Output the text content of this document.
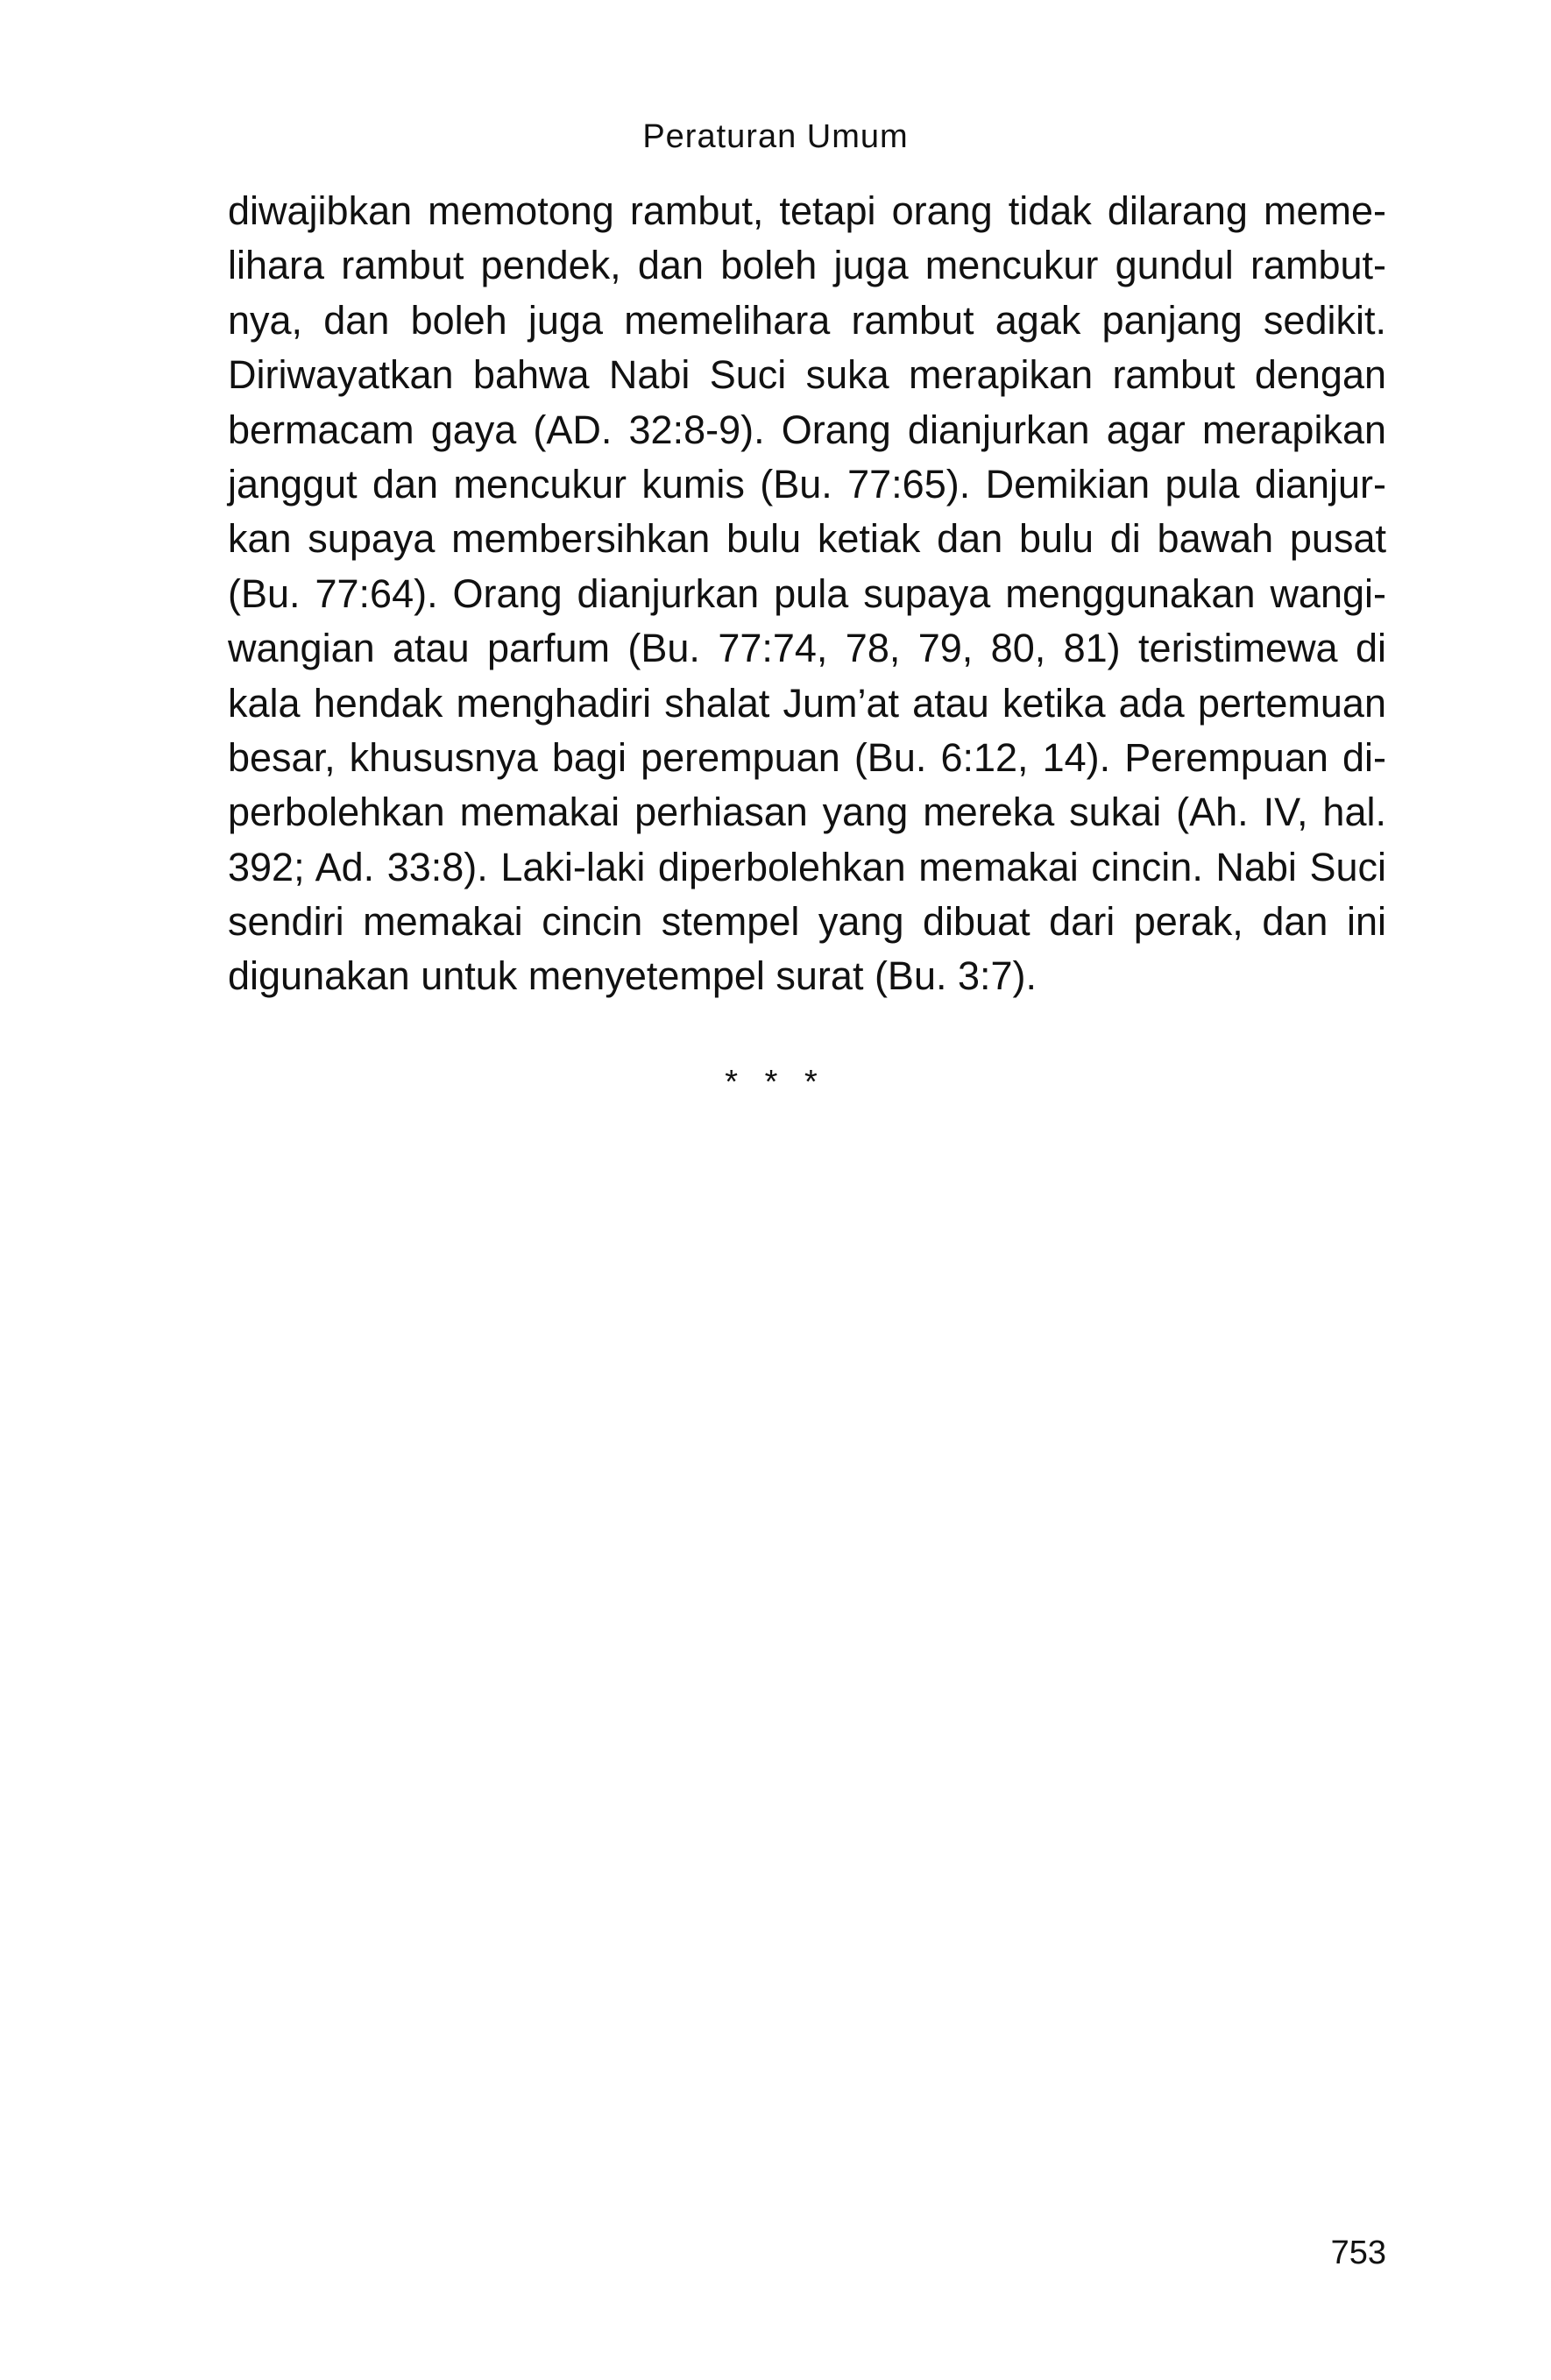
Peraturan Umum
diwajibkan memotong rambut, tetapi orang tidak dilarang meme-
lihara rambut pendek, dan boleh juga mencukur gundul rambut-
nya, dan boleh juga memelihara rambut agak panjang sedikit.
Diriwayatkan bahwa Nabi Suci suka merapikan rambut dengan
bermacam gaya (AD. 32:8-9). Orang dianjurkan agar merapikan
janggut dan mencukur kumis (Bu. 77:65). Demikian pula dianjur-
kan supaya membersihkan bulu ketiak dan bulu di bawah pusat
(Bu. 77:64). Orang dianjurkan pula supaya menggunakan wangi-
wangian atau parfum (Bu. 77:74, 78, 79, 80, 81) teristimewa di
kala hendak menghadiri shalat Jum’at atau ketika ada pertemuan
besar, khususnya bagi perempuan (Bu. 6:12, 14). Perempuan di-
perbolehkan memakai perhiasan yang mereka sukai (Ah. IV, hal.
392; Ad. 33:8). Laki-laki diperbolehkan memakai cincin. Nabi Suci
sendiri memakai cincin stempel yang dibuat dari perak, dan ini
digunakan untuk menyetempel surat (Bu. 3:7).
* * *
753
